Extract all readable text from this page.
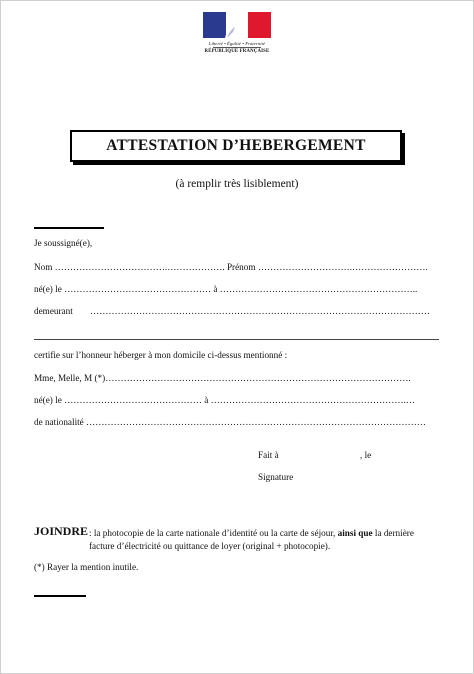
Liberté • Égalité • Fraternité
RÉPUBLIQUE FRANÇAISE
ATTESTATION D’HEBERGEMENT
(à remplir très lisiblement)
Je soussigné(e),
Nom ……………………………….………………. Prénom ………………………….…………………….
né(e) le ………………………………………… à ………………………………………………………..
demeurant …………………………………………………………………………………………………
certifie sur l’honneur héberger à mon domicile ci-dessus mentionné :
Mme, Melle, M (*)……………………………………………………………………………………….
né(e) le ……………………………………… à ……………………………………………………….…
de nationalité …………………………………………………………………………………………………
Fait à	, le
Signature
JOINDRE : la photocopie de la carte nationale d’identité ou la carte de séjour, ainsi que la dernière facture d’électricité ou quittance de loyer (original + photocopie).
(*) Rayer la mention inutile.
